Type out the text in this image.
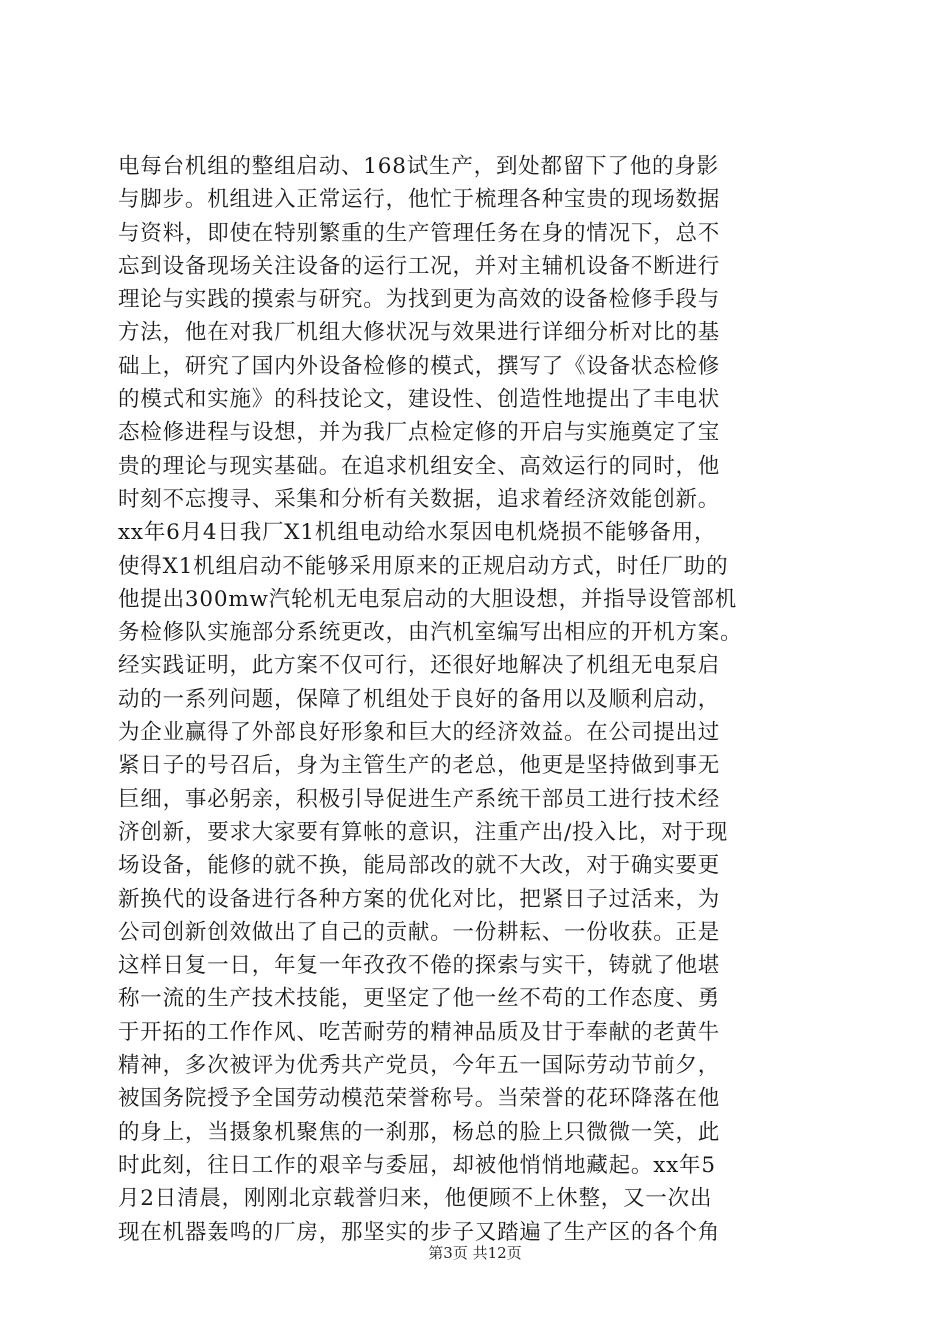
电每台机组的整组启动、168试生产，到处都留下了他的身影
与脚步。机组进入正常运行，他忙于梳理各种宝贵的现场数据
与资料，即使在特别繁重的生产管理任务在身的情况下，总不
忘到设备现场关注设备的运行工况，并对主辅机设备不断进行
理论与实践的摸索与研究。为找到更为高效的设备检修手段与
方法，他在对我厂机组大修状况与效果进行详细分析对比的基
础上，研究了国内外设备检修的模式，撰写了《设备状态检修
的模式和实施》的科技论文，建设性、创造性地提出了丰电状
态检修进程与设想，并为我厂点检定修的开启与实施奠定了宝
贵的理论与现实基础。在追求机组安全、高效运行的同时，他
时刻不忘搜寻、采集和分析有关数据，追求着经济效能创新。
xx年6月4日我厂X1机组电动给水泵因电机烧损不能够备用，
使得X1机组启动不能够采用原来的正规启动方式，时任厂助的
他提出300mw汽轮机无电泵启动的大胆设想，并指导设管部机
务检修队实施部分系统更改，由汽机室编写出相应的开机方案。
经实践证明，此方案不仅可行，还很好地解决了机组无电泵启
动的一系列问题，保障了机组处于良好的备用以及顺利启动，
为企业赢得了外部良好形象和巨大的经济效益。在公司提出过
紧日子的号召后，身为主管生产的老总，他更是坚持做到事无
巨细，事必躬亲，积极引导促进生产系统干部员工进行技术经
济创新，要求大家要有算帐的意识，注重产出/投入比，对于现
场设备，能修的就不换，能局部改的就不大改，对于确实要更
新换代的设备进行各种方案的优化对比，把紧日子过活来，为
公司创新创效做出了自己的贡献。一份耕耘、一份收获。正是
这样日复一日，年复一年孜孜不倦的探索与实干，铸就了他堪
称一流的生产技术技能，更坚定了他一丝不苟的工作态度、勇
于开拓的工作作风、吃苦耐劳的精神品质及甘于奉献的老黄牛
精神，多次被评为优秀共产党员，今年五一国际劳动节前夕，
被国务院授予全国劳动模范荣誉称号。当荣誉的花环降落在他
的身上，当摄象机聚焦的一刹那，杨总的脸上只微微一笑，此
时此刻，往日工作的艰辛与委屈，却被他悄悄地藏起。xx年5
月2日清晨，刚刚北京载誉归来，他便顾不上休整，又一次出
现在机器轰鸣的厂房，那坚实的步子又踏遍了生产区的各个角
第3页 共12页
